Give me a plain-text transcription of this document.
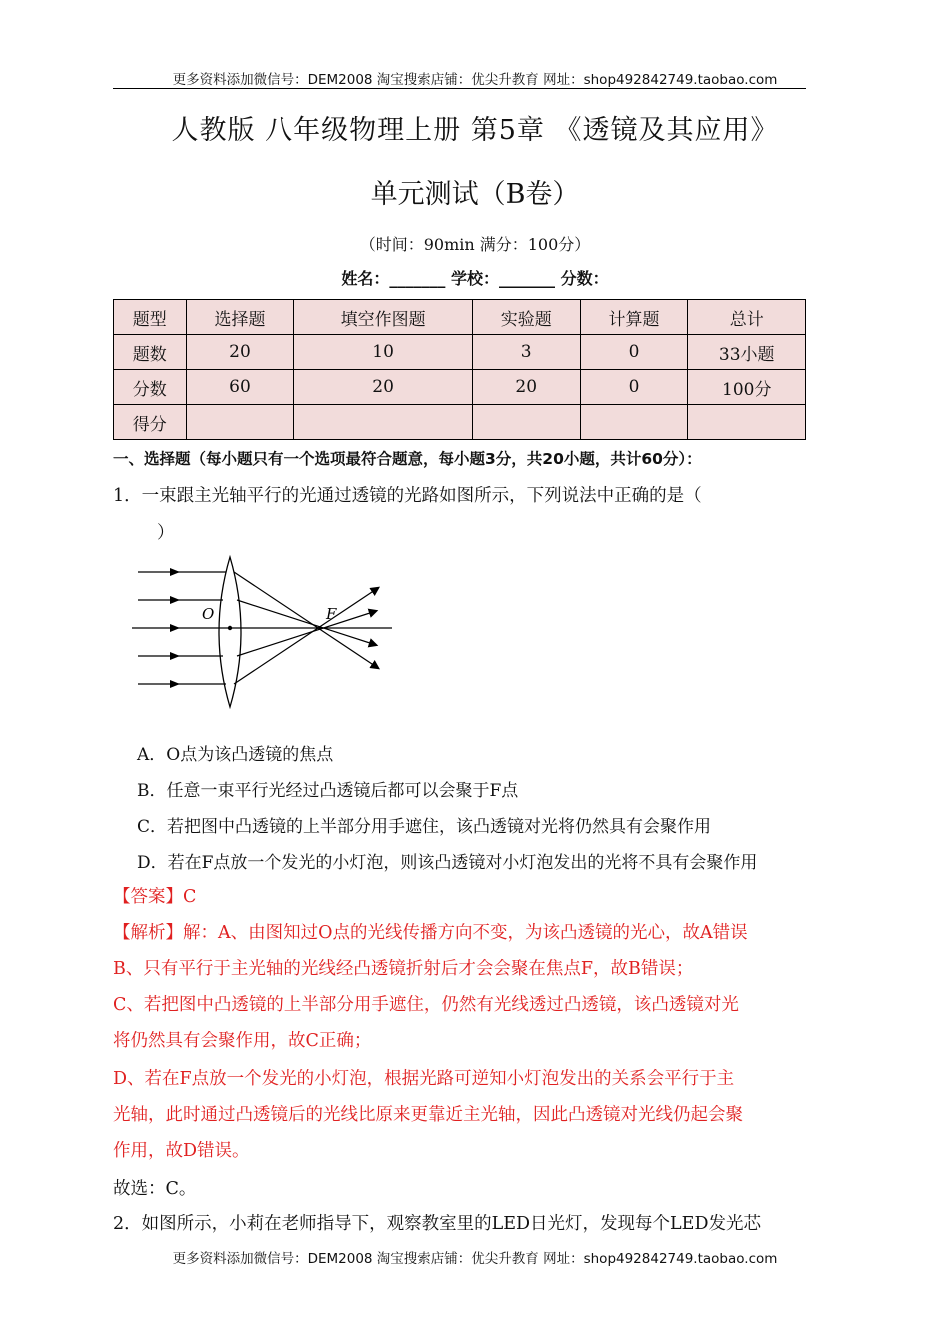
更多资料添加微信号：DEM2008 淘宝搜索店铺：优尖升教育 网址：shop492842749.taobao.com
人教版 八年级物理上册 第5章 《透镜及其应用》
单元测试（B卷）
（时间：90min 满分：100分）
姓名：_______ 学校：_______ 分数：
题型	选择题	填空作图题	实验题	计算题	总计
题数	20	10	3	0	33小题
分数	60	20	20	0	100分
得分					
一、选择题（每小题只有一个选项最符合题意，每小题3分，共20小题，共计60分）：
1．一束跟主光轴平行的光通过透镜的光路如图所示，下列说法中正确的是（
）
O	F
A．O点为该凸透镜的焦点
B．任意一束平行光经过凸透镜后都可以会聚于F点
C．若把图中凸透镜的上半部分用手遮住，该凸透镜对光将仍然具有会聚作用
D．若在F点放一个发光的小灯泡，则该凸透镜对小灯泡发出的光将不具有会聚作用
【答案】C
【解析】解：A、由图知过O点的光线传播方向不变，为该凸透镜的光心，故A错误
B、只有平行于主光轴的光线经凸透镜折射后才会会聚在焦点F，故B错误；
C、若把图中凸透镜的上半部分用手遮住，仍然有光线透过凸透镜，该凸透镜对光
将仍然具有会聚作用，故C正确；
D、若在F点放一个发光的小灯泡，根据光路可逆知小灯泡发出的关系会平行于主
光轴，此时通过凸透镜后的光线比原来更靠近主光轴，因此凸透镜对光线仍起会聚
作用，故D错误。
故选：C。
2．如图所示，小莉在老师指导下，观察教室里的LED日光灯，发现每个LED发光芯
更多资料添加微信号：DEM2008 淘宝搜索店铺：优尖升教育 网址：shop492842749.taobao.com
